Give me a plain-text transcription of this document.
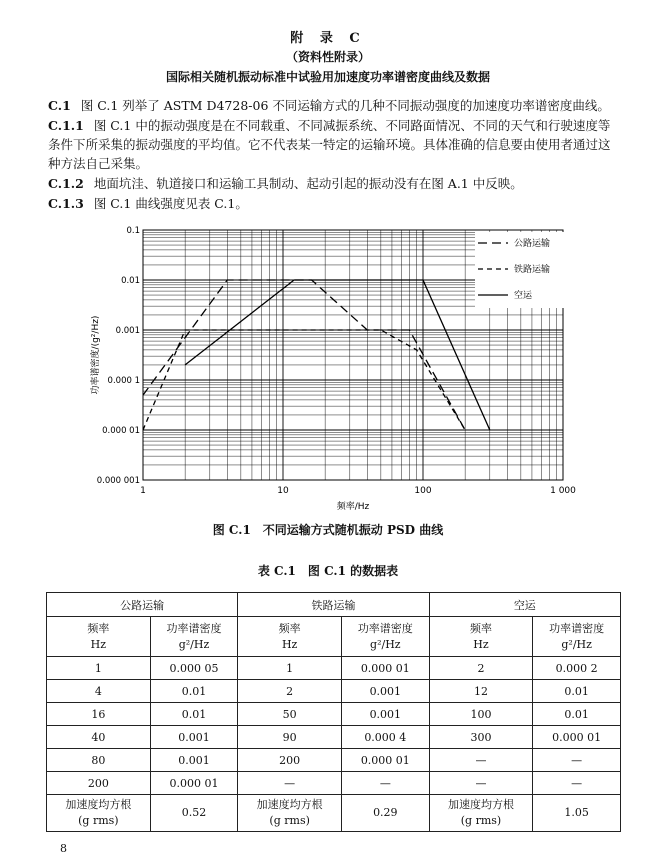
附 录 C
（资料性附录）
国际相关随机振动标准中试验用加速度功率谱密度曲线及数据
C.1 图 C.1 列举了 ASTM D4728-06 不同运输方式的几种不同振动强度的加速度功率谱密度曲线。
C.1.1 图 C.1 中的振动强度是在不同载重、不同减振系统、不同路面情况、不同的天气和行驶速度等条件下所采集的振动强度的平均值。它不代表某一特定的运输环境。具体准确的信息要由使用者通过这种方法自己采集。
C.1.2 地面坑洼、轨道接口和运输工具制动、起动引起的振动没有在图 A.1 中反映。
C.1.3 图 C.1 曲线强度见表 C.1。
1	10	100	1 000
0.000 001
0.000 01
0.000 1
0.001
0.01
0.1
频率/Hz
功率谱密度/(g²/Hz)
公路运输
铁路运输
空运
图 C.1　不同运输方式随机振动 PSD 曲线
表 C.1　图 C.1 的数据表
公路运输		铁路运输		空运	
频率
Hz	功率谱密度
g²/Hz	频率
Hz	功率谱密度
g²/Hz	频率
Hz	功率谱密度
g²/Hz
1	0.000 05	1	0.000 01	2	0.000 2
4	0.01	2	0.001	12	0.01
16	0.01	50	0.001	100	0.01
40	0.001	90	0.000 4	300	0.000 01
80	0.001	200	0.000 01	—	—
200	0.000 01	—	—	—	—
加速度均方根
(g rms)	0.52	加速度均方根
(g rms)	0.29	加速度均方根
(g rms)	1.05
8
